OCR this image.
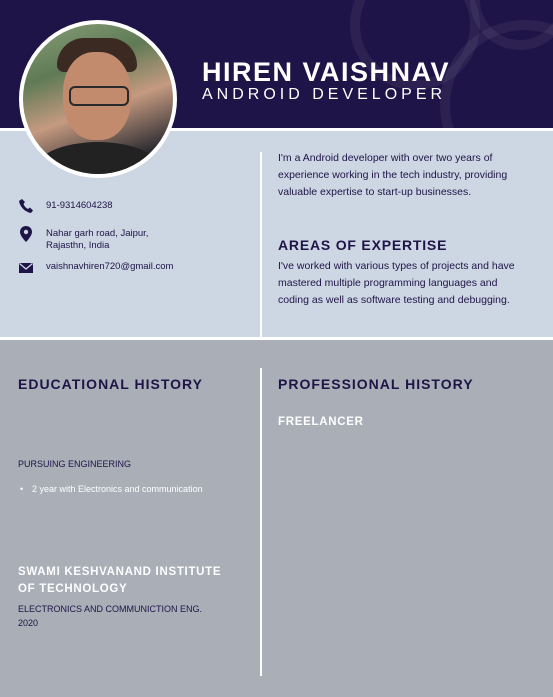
HIREN VAISHNAV
ANDROID DEVELOPER
91-9314604238
Nahar garh road, Jaipur, Rajasthn, India
vaishnavhiren720@gmail.com
I'm a Android developer with over two years of experience working in the tech industry, providing valuable expertise to start-up businesses.
AREAS OF EXPERTISE
I've worked with various types of projects and have mastered multiple programming languages and coding as well as software testing and debugging.
EDUCATIONAL HISTORY
PURSUING ENGINEERING
• 2 year with Electronics and communication
SWAMI KESHVANAND INSTITUTE OF TECHNOLOGY
ELECTRONICS AND COMMUNICTION ENG.
2020
PROFESSIONAL HISTORY
FREELANCER
